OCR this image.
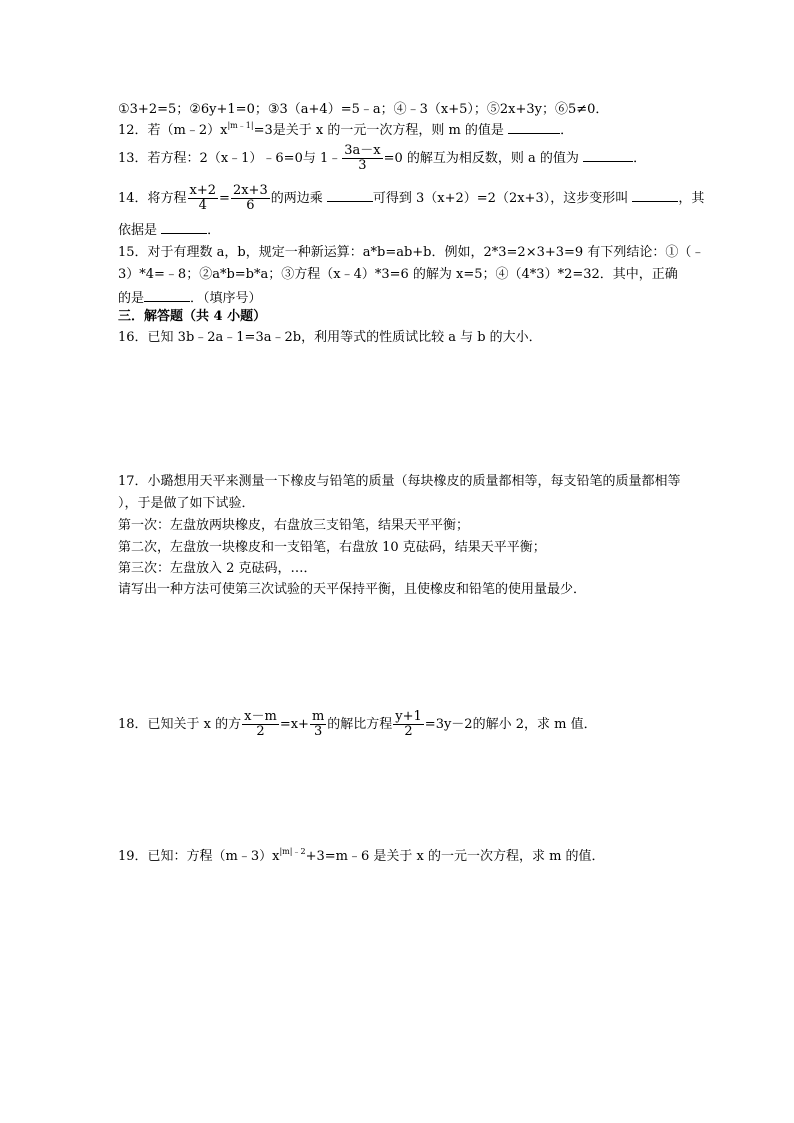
①3+2=5；②6y+1=0；③3（a+4）=5﹣a；④﹣3（x+5）；⑤2x+3y；⑥5≠0．
12．若$(m﹣2)x^{|m﹣1|}=3$是关于 x 的一元一次方程，则 m 的值是	．
13．若方程：2（x﹣1）﹣6=0与 1﹣ $\frac{3a-x}{3} =0$ 的解互为相反数，则 a 的值为	．
14．将方程 $\frac{x+2}{4} = \frac{2x+3}{6}$ 的两边乘	可得到 3（x+2）=2（2x+3），这步变形叫	，其
依据是	．
15．对于有理数 a，b，规定一种新运算：a*b=ab+b．例如，2*3=2×3+3=9 有下列结论：①（﹣
3）*4=﹣8；②a*b=b*a；③方程（x﹣4）*3=6 的解为 x=5；④（4*3）*2=32．其中，正确
的是	．（填序号）
三．解答题（共 4 小题）
16．已知 3b﹣2a﹣1=3a﹣2b，利用等式的性质试比较 a 与 b 的大小．
17．小璐想用天平来测量一下橡皮与铅笔的质量（每块橡皮的质量都相等，每支铅笔的质量都相等
），于是做了如下试验．
第一次：左盘放两块橡皮，右盘放三支铅笔，结果天平平衡；
第二次，左盘放一块橡皮和一支铅笔，右盘放 10 克砝码，结果天平平衡；
第三次：左盘放入 2 克砝码，…．
请写出一种方法可使第三次试验的天平保持平衡，且使橡皮和铅笔的使用量最少．
18．已知关于 x 的方 $\frac{x-m}{2} =x+ \frac{m}{3}$ 的解比方程 $\frac{y+1}{2} =3y-2$的解小 2，求 m 值．
19．已知：方程$(m﹣3)x^{|m|﹣2}+3=m﹣6$ 是关于 x 的一元一次方程，求 m 的值．
